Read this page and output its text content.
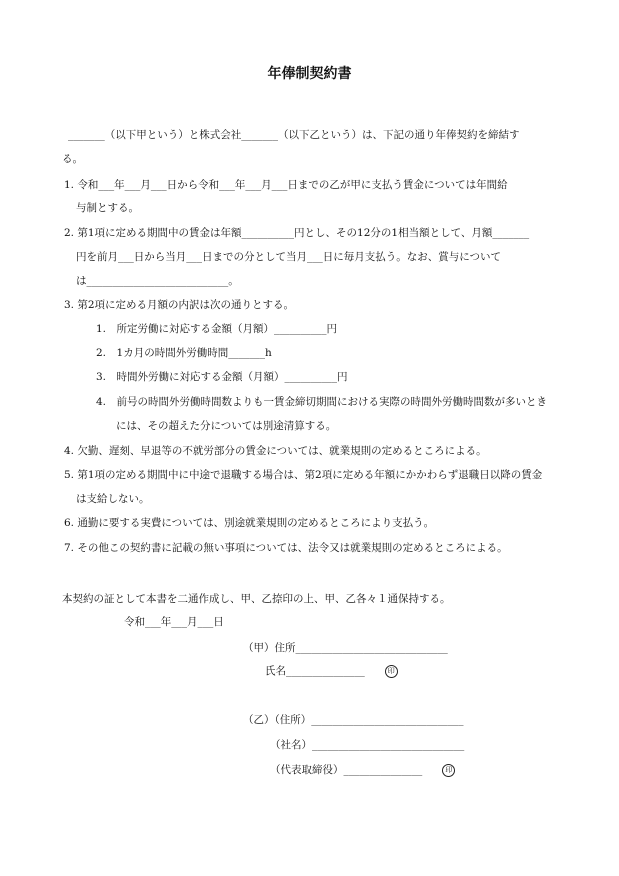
年俸制契約書
_______（以下甲という）と株式会社_______（以下乙という）は、下記の通り年俸契約を締結す
る。
1. 令和___年___月___日から令和___年___月___日までの乙が甲に支払う賃金については年間給
与制とする。
2. 第1項に定める期間中の賃金は年額__________円とし、その12分の1相当額として、月額_______
円を前月___日から当月___日までの分として当月___日に毎月支払う。なお、賞与について
は___________________________。
3. 第2項に定める月額の内訳は次の通りとする。
1.　所定労働に対応する金額（月額）__________円
2.　1カ月の時間外労働時間_______h
3.　時間外労働に対応する金額（月額）__________円
4.　前号の時間外労働時間数よりも一賃金締切期間における実際の時間外労働時間数が多いとき
には、その超えた分については別途清算する。
4. 欠勤、遅刻、早退等の不就労部分の賃金については、就業規則の定めるところによる。
5. 第1項の定める期間中に中途で退職する場合は、第2項に定める年額にかかわらず退職日以降の賃金
は支給しない。
6. 通勤に要する実費については、別途就業規則の定めるところにより支払う。
7. その他この契約書に記載の無い事項については、法令又は就業規則の定めるところによる。
本契約の証として本書を二通作成し、甲、乙捺印の上、甲、乙各々１通保持する。
令和___年___月___日
（甲）住所_____________________________
氏名_______________	印
（乙）（住所）_____________________________
（社名）_____________________________
（代表取締役）_______________	印
